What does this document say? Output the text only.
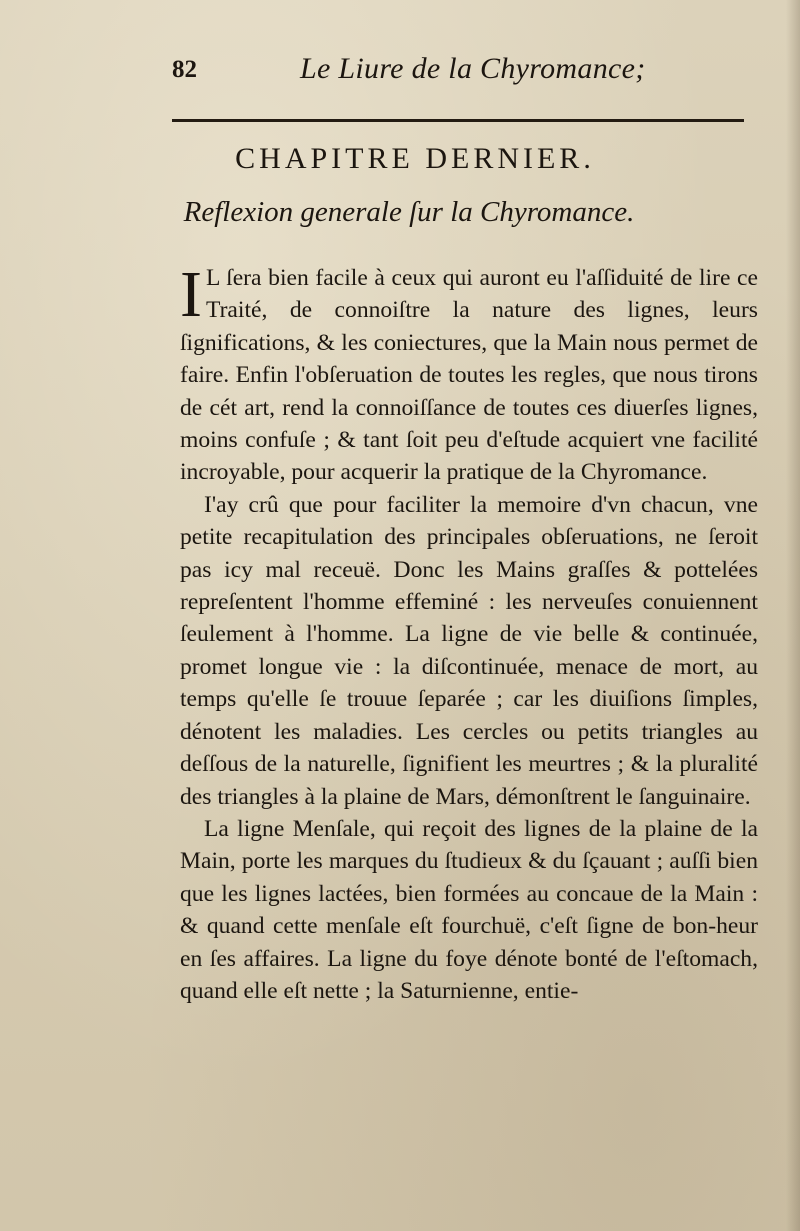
82	Le Liure de la Chyromance;
CHAPITRE DERNIER.
Reflexion generale ſur la Chyromance.

IL ſera bien facile à ceux qui auront eu l'aſſiduité de lire ce Traité, de connoiſtre la nature des lignes, leurs ſignifications, & les coniectures, que la Main nous permet de faire. Enfin l'obſeruation de toutes les regles, que nous tirons de cét art, rend la connoiſſance de toutes ces diuerſes lignes, moins confuſe ; & tant ſoit peu d'eſtude acquiert vne facilité incroyable, pour acquerir la pratique de la Chyromance.

I'ay crû que pour faciliter la memoire d'vn chacun, vne petite recapitulation des principales obſeruations, ne ſeroit pas icy mal receuë. Donc les Mains graſſes & pottelées repreſentent l'homme effeminé : les nerveuſes conuiennent ſeulement à l'homme. La ligne de vie belle & continuée, promet longue vie : la diſcontinuée, menace de mort, au temps qu'elle ſe trouue ſeparée ; car les diuiſions ſimples, dénotent les maladies. Les cercles ou petits triangles au deſſous de la naturelle, ſignifient les meurtres ; & la pluralité des triangles à la plaine de Mars, démonſtrent le ſanguinaire.

La ligne Menſale, qui reçoit des lignes de la plaine de la Main, porte les marques du ſtudieux & du ſçauant ; auſſi bien que les lignes lactées, bien formées au concaue de la Main : & quand cette menſale eſt fourchuë, c'eſt ſigne de bon-heur en ſes affaires. La ligne du foye dénote bonté de l'eſtomach, quand elle eſt nette ; la Saturnienne, entie-
